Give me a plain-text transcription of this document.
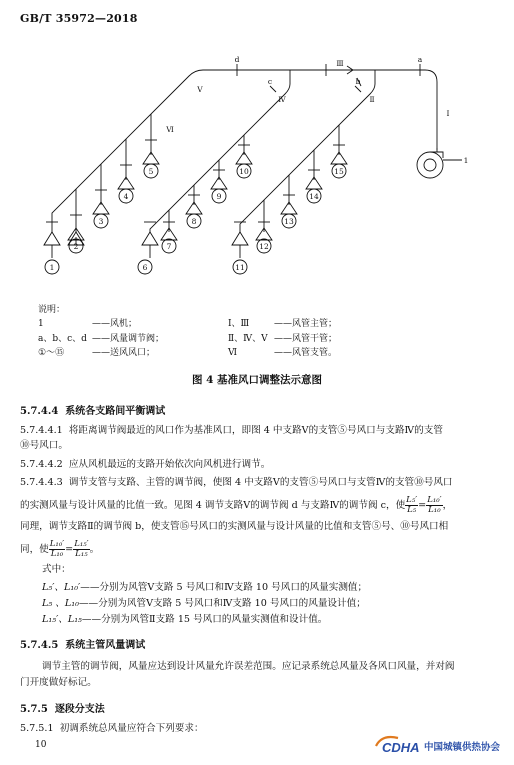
GB/T 35972—2018
1
2
3
4
5
6
7
8
9
10
11
12
13
14
15
d	a
c	b
Ⅲ
Ⅰ
Ⅴ
Ⅳ	Ⅱ
Ⅵ
1
说明：
1	——风机；
a、b、c、d ——风量调节阀；
①～⑮	——送风风口；
Ⅰ、Ⅲ	——风管主管；
Ⅱ、Ⅳ、Ⅴ ——风管干管；
Ⅵ	——风管支管。
图 4 基准风口调整法示意图
5.7.4.4 系统各支路间平衡调试
5.7.4.4.1 将距离调节阀最近的风口作为基准风口，即图 4 中支路Ⅴ的支管⑤号风口与支路Ⅳ的支管
⑩号风口。
5.7.4.4.2 应从风机最远的支路开始依次向风机进行调节。
5.7.4.4.3 调节支管与支路、主管的调节阀，使图 4 中支路Ⅴ的支管⑤号风口与支管Ⅳ的支管⑩号风口
的实测风量与设计风量的比值一致。见图 4 调节支路Ⅴ的调节阀 d 与支路Ⅳ的调节阀 c，使 $\frac{\text{L₅′}}{\text{L₅}} = \frac{\text{L₁₀′}}{\text{L₁₀}}$ ，
同理，调节支路Ⅱ的调节阀 b，使支管⑮号风口的实测风量与设计风量的比值和支管⑤号、⑩号风口相
同，使 $\frac{\text{L₁₀′}}{\text{L₁₀}} = \frac{\text{L₁₅′}}{\text{L₁₅}}$ 。
式中：
L₅′、L₁₀′——分别为风管Ⅴ支路 5 号风口和Ⅳ支路 10 号风口的风量实测值；
L₅ 、L₁₀——分别为风管Ⅴ支路 5 号风口和Ⅳ支路 10 号风口的风量设计值；
L₁₅′、L₁₅——分别为风管Ⅱ支路 15 号风口的风量实测值和设计值。
5.7.4.5 系统主管风量调试
调节主管的调节阀，风量应达到设计风量允许误差范围。应记录系统总风量及各风口风量，并对阀
门开度做好标记。
5.7.5 逐段分支法
5.7.5.1 初调系统总风量应符合下列要求：
10	CDHA 中国城镇供热协会
